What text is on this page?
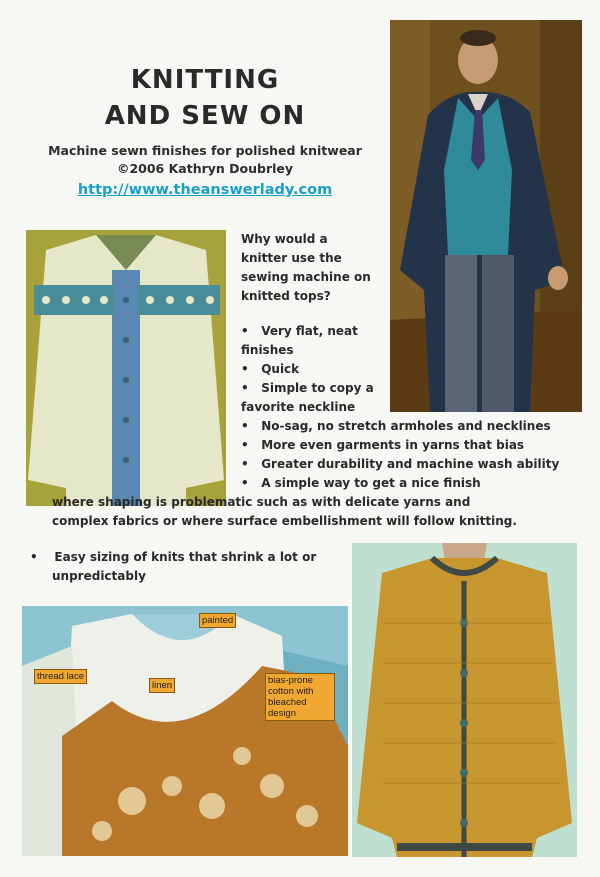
KNITTING
AND SEW ON
Machine sewn finishes for polished knitwear
©2006 Kathryn Doubrley
http://www.theanswerlady.com
Why would a knitter use the sewing machine on knitted tops?
•   Very flat, neat finishes
•   Quick
•   Simple to copy a favorite neckline
•   No-sag, no stretch armholes and necklines
•   More even garments in yarns that bias
•   Greater durability and machine wash ability
•   A simple way to get a nice finish where shaping is problematic such as with delicate yarns and complex fabrics or where surface embellishment will follow knitting.
•    Easy sizing of knits that shrink a lot or unpredictably
painted
thread lace
linen	bias-prone cotton with bleached design
